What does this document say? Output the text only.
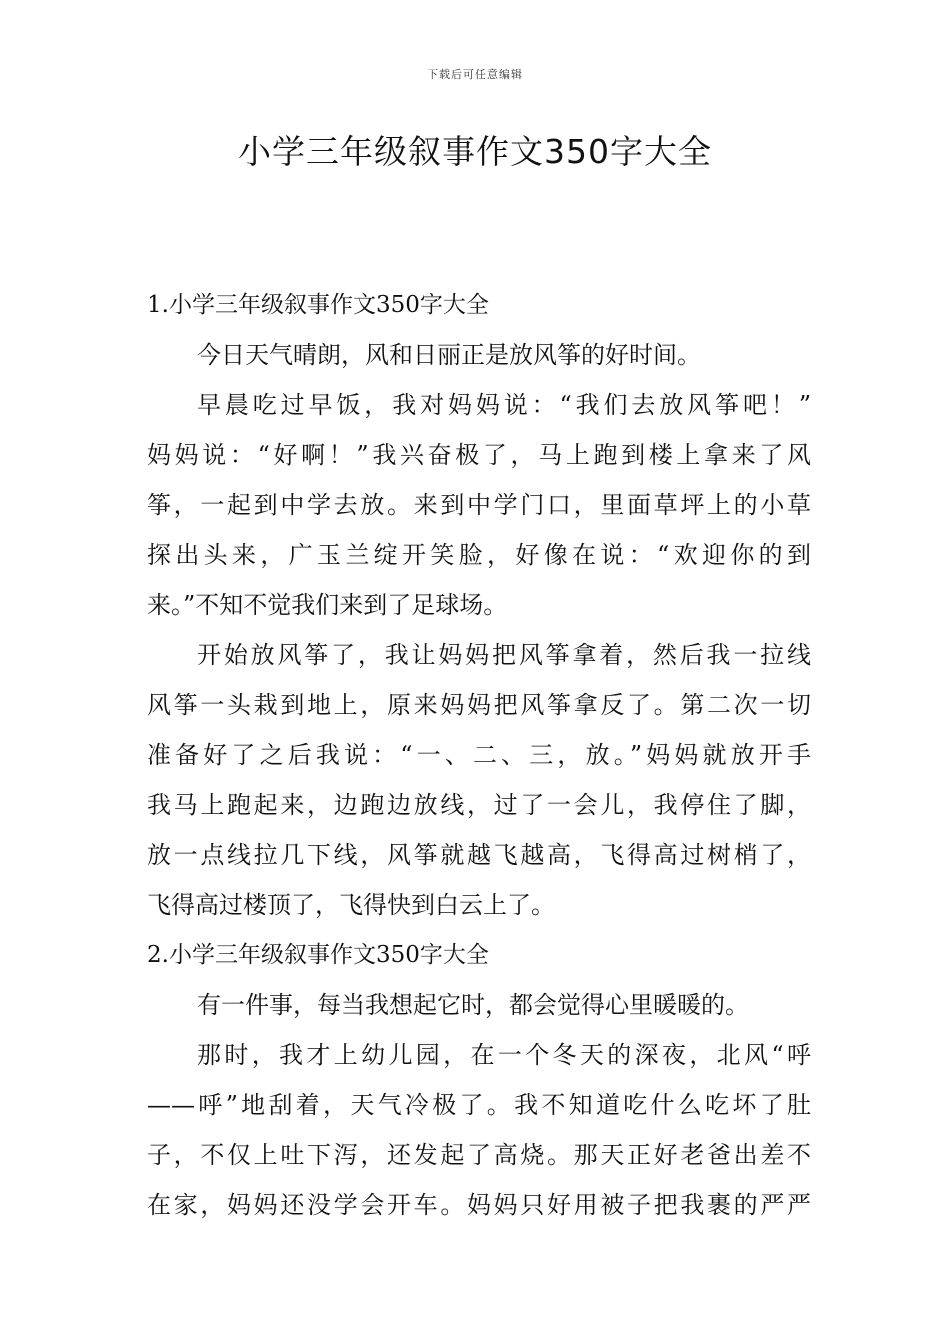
下载后可任意编辑
小学三年级叙事作文350字大全
1.小学三年级叙事作文350字大全
今日天气晴朗，风和日丽正是放风筝的好时间。
早晨吃过早饭，我对妈妈说：“我们去放风筝吧！”
妈妈说：“好啊！”我兴奋极了，马上跑到楼上拿来了风
筝，一起到中学去放。来到中学门口，里面草坪上的小草
探出头来，广玉兰绽开笑脸，好像在说：“欢迎你的到
来。”不知不觉我们来到了足球场。
开始放风筝了，我让妈妈把风筝拿着，然后我一拉线
风筝一头栽到地上，原来妈妈把风筝拿反了。第二次一切
准备好了之后我说：“一、二、三，放。”妈妈就放开手
我马上跑起来，边跑边放线，过了一会儿，我停住了脚，
放一点线拉几下线，风筝就越飞越高，飞得高过树梢了，
飞得高过楼顶了，飞得快到白云上了。
2.小学三年级叙事作文350字大全
有一件事，每当我想起它时，都会觉得心里暖暖的。
那时，我才上幼儿园，在一个冬天的深夜，北风“呼
——呼”地刮着，天气冷极了。我不知道吃什么吃坏了肚
子，不仅上吐下泻，还发起了高烧。那天正好老爸出差不
在家，妈妈还没学会开车。妈妈只好用被子把我裹的严严
